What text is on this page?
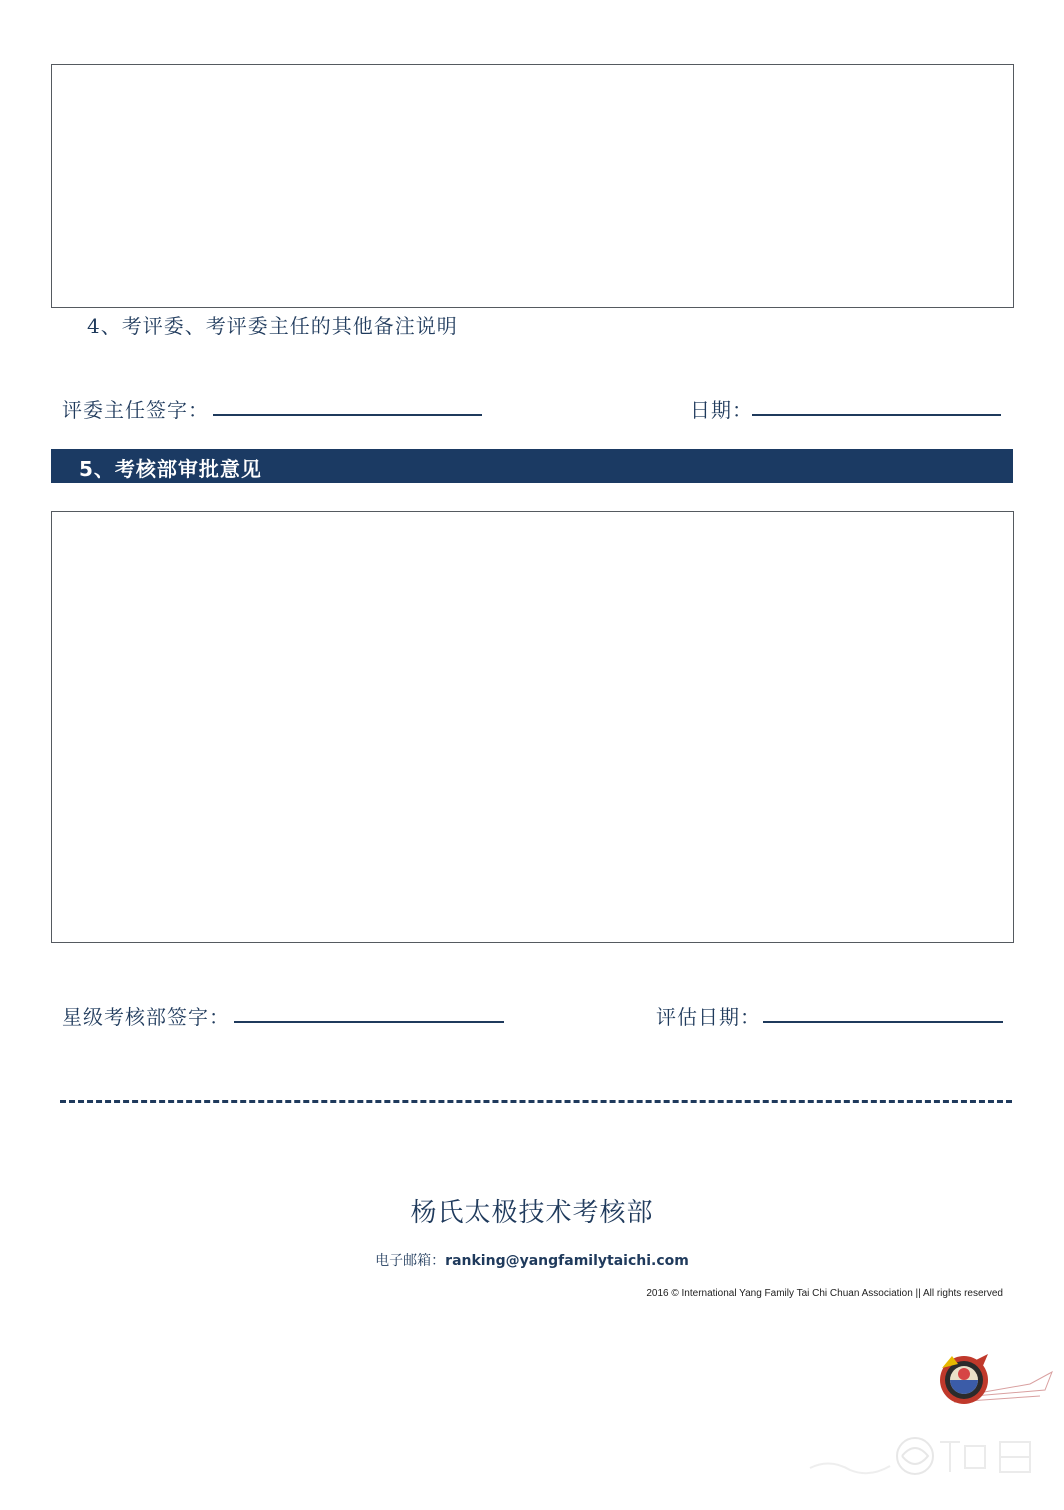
4、考评委、考评委主任的其他备注说明
评委主任签字：	日期：
5、考核部审批意见
星级考核部签字：	评估日期：
杨氏太极技术考核部
电子邮箱：ranking@yangfamilytaichi.com
2016 © International Yang Family Tai Chi Chuan Association || All rights reserved
